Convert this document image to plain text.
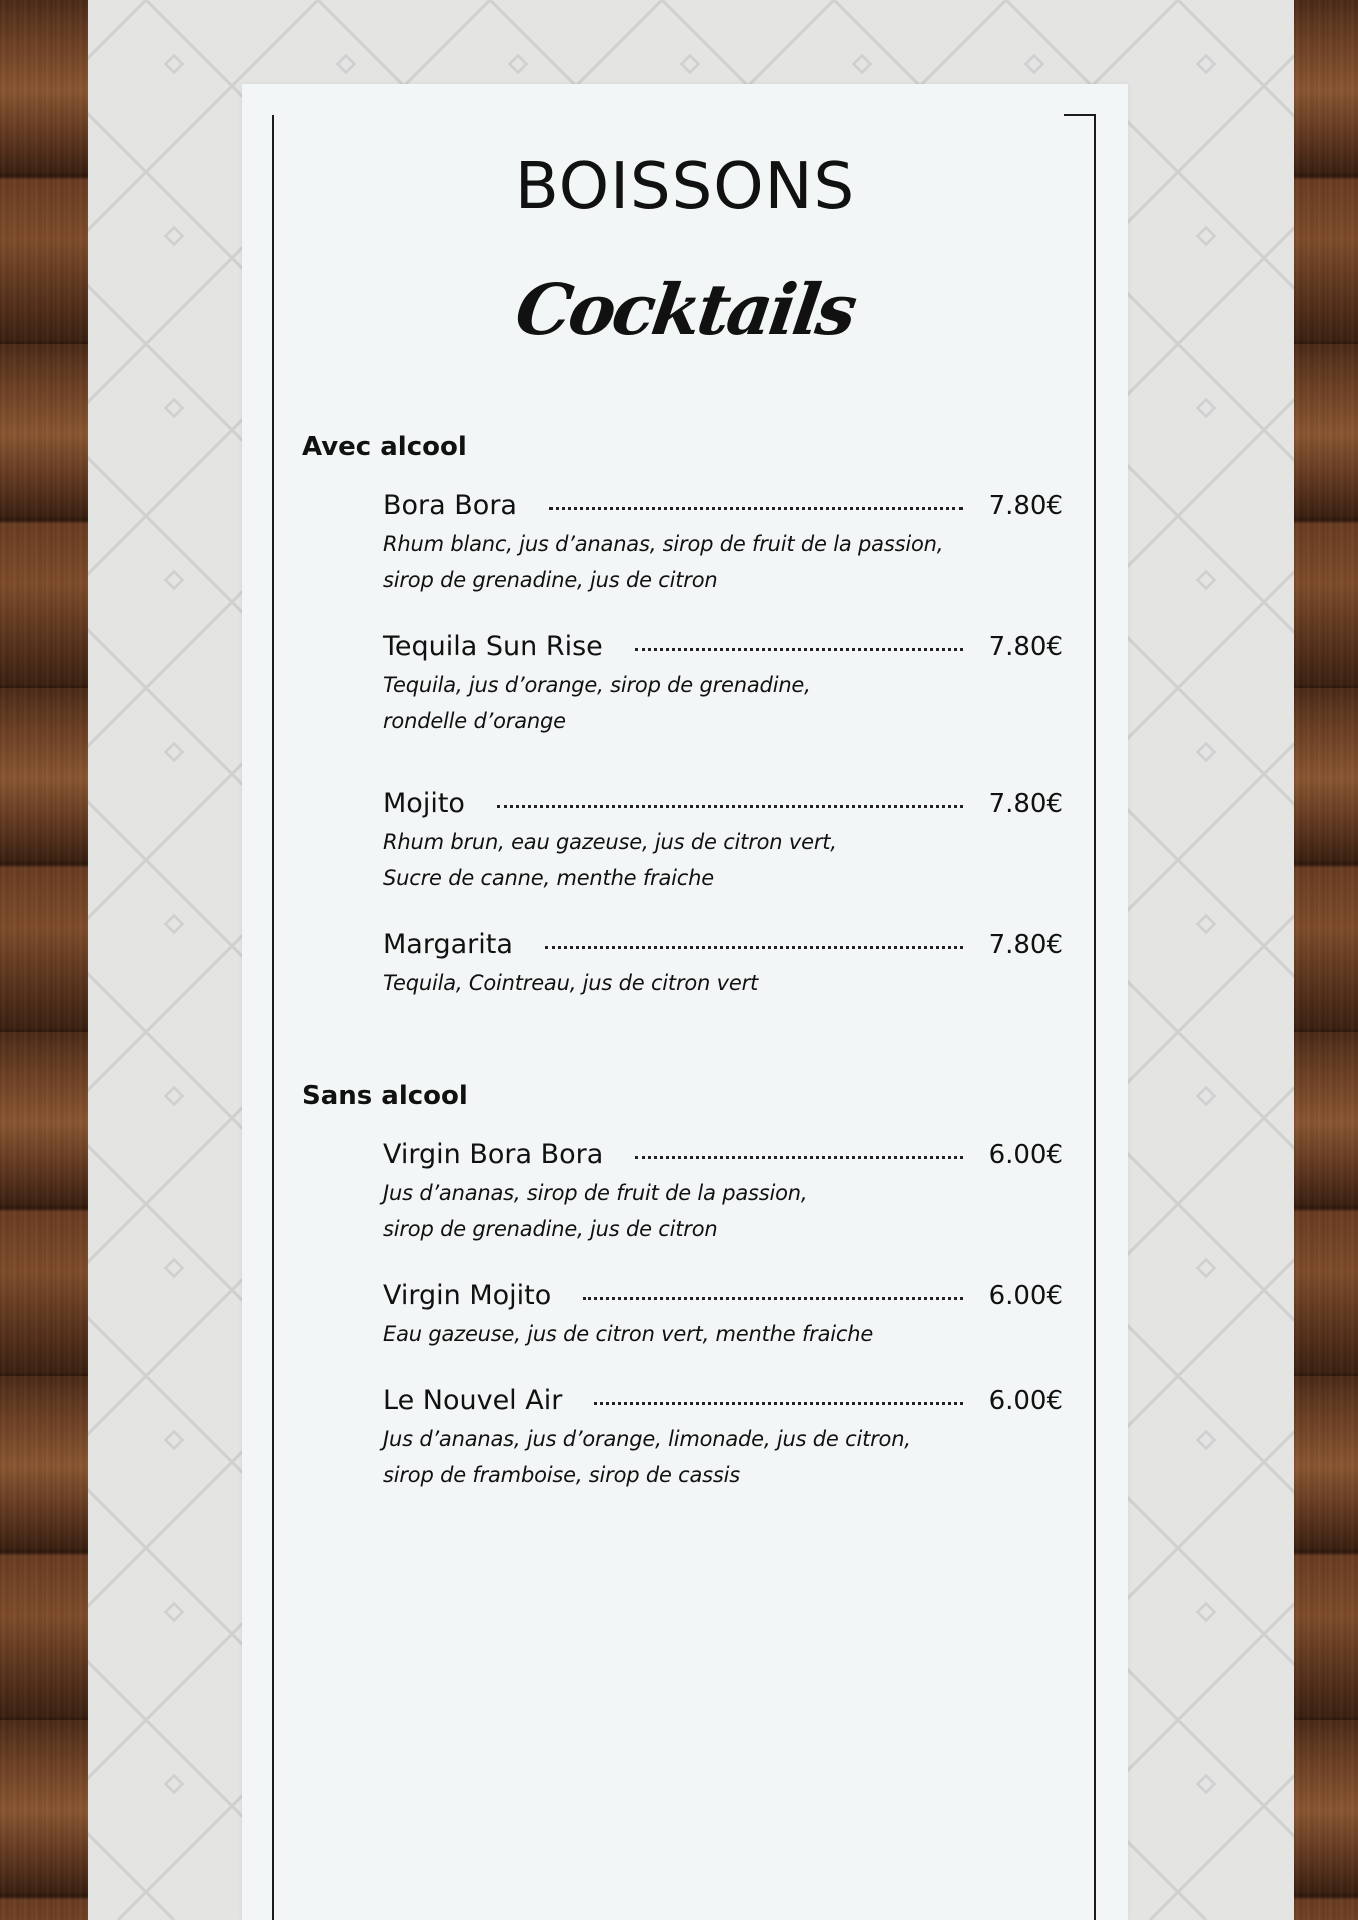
BOISSONS
Cocktails
Avec alcool
Bora Bora	7.80€
Rhum blanc, jus d’ananas, sirop de fruit de la passion,
sirop de grenadine, jus de citron
Tequila Sun Rise	7.80€
Tequila, jus d’orange, sirop de grenadine,
rondelle d’orange
Mojito	7.80€
Rhum brun, eau gazeuse, jus de citron vert,
Sucre de canne, menthe fraiche
Margarita	7.80€
Tequila, Cointreau, jus de citron vert
Sans alcool
Virgin Bora Bora	6.00€
Jus d’ananas, sirop de fruit de la passion,
sirop de grenadine, jus de citron
Virgin Mojito	6.00€
Eau gazeuse, jus de citron vert, menthe fraiche
Le Nouvel Air	6.00€
Jus d’ananas, jus d’orange, limonade, jus de citron,
sirop de framboise, sirop de cassis
